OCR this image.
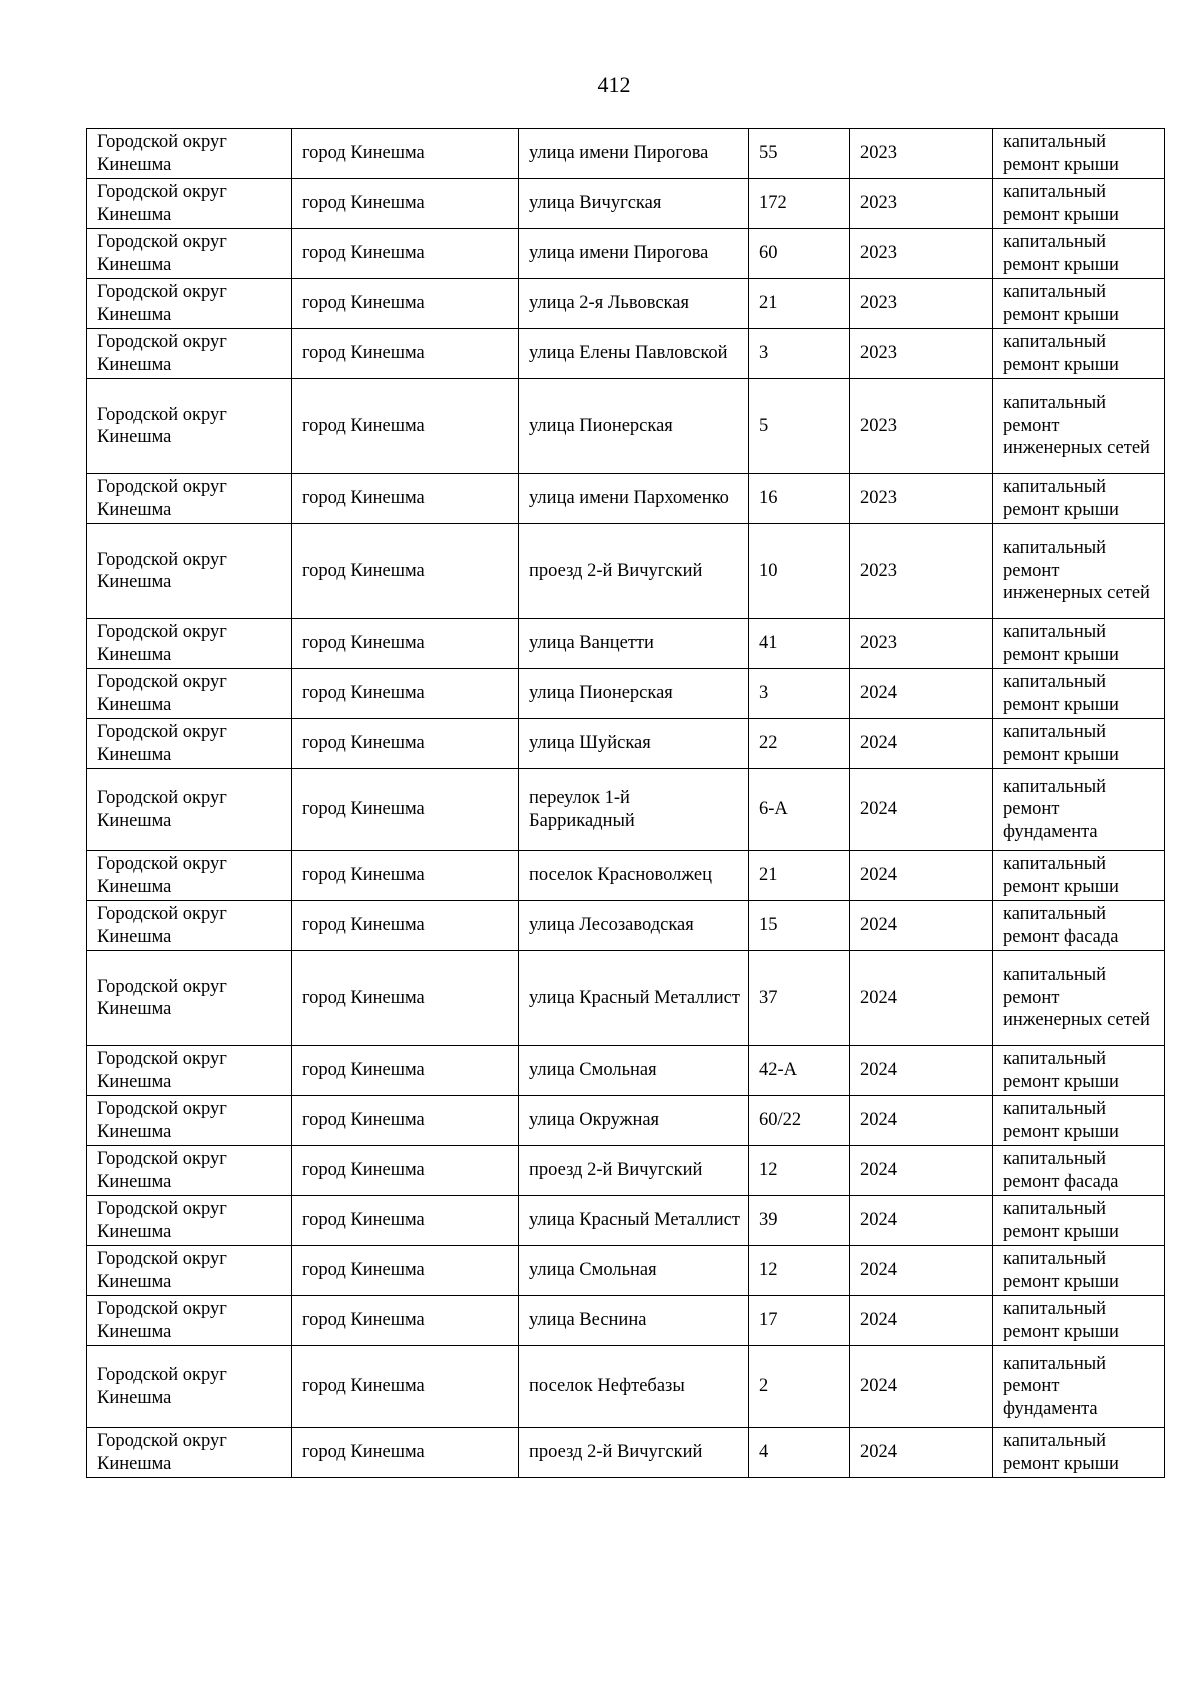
412
Городской округ Кинешма	город Кинешма	улица имени Пирогова	55	2023	капитальный ремонт крыши
Городской округ Кинешма	город Кинешма	улица Вичугская	172	2023	капитальный ремонт крыши
Городской округ Кинешма	город Кинешма	улица имени Пирогова	60	2023	капитальный ремонт крыши
Городской округ Кинешма	город Кинешма	улица 2-я Львовская	21	2023	капитальный ремонт крыши
Городской округ Кинешма	город Кинешма	улица Елены Павловской	3	2023	капитальный ремонт крыши
Городской округ Кинешма	город Кинешма	улица Пионерская	5	2023	капитальный ремонт инженерных сетей
Городской округ Кинешма	город Кинешма	улица имени Пархоменко	16	2023	капитальный ремонт крыши
Городской округ Кинешма	город Кинешма	проезд 2-й Вичугский	10	2023	капитальный ремонт инженерных сетей
Городской округ Кинешма	город Кинешма	улица Ванцетти	41	2023	капитальный ремонт крыши
Городской округ Кинешма	город Кинешма	улица Пионерская	3	2024	капитальный ремонт крыши
Городской округ Кинешма	город Кинешма	улица Шуйская	22	2024	капитальный ремонт крыши
Городской округ Кинешма	город Кинешма	переулок 1-й Баррикадный	6-А	2024	капитальный ремонт фундамента
Городской округ Кинешма	город Кинешма	поселок Красноволжец	21	2024	капитальный ремонт крыши
Городской округ Кинешма	город Кинешма	улица Лесозаводская	15	2024	капитальный ремонт фасада
Городской округ Кинешма	город Кинешма	улица Красный Металлист	37	2024	капитальный ремонт инженерных сетей
Городской округ Кинешма	город Кинешма	улица Смольная	42-А	2024	капитальный ремонт крыши
Городской округ Кинешма	город Кинешма	улица Окружная	60/22	2024	капитальный ремонт крыши
Городской округ Кинешма	город Кинешма	проезд 2-й Вичугский	12	2024	капитальный ремонт фасада
Городской округ Кинешма	город Кинешма	улица Красный Металлист	39	2024	капитальный ремонт крыши
Городской округ Кинешма	город Кинешма	улица Смольная	12	2024	капитальный ремонт крыши
Городской округ Кинешма	город Кинешма	улица Веснина	17	2024	капитальный ремонт крыши
Городской округ Кинешма	город Кинешма	поселок Нефтебазы	2	2024	капитальный ремонт фундамента
Городской округ Кинешма	город Кинешма	проезд 2-й Вичугский	4	2024	капитальный ремонт крыши
